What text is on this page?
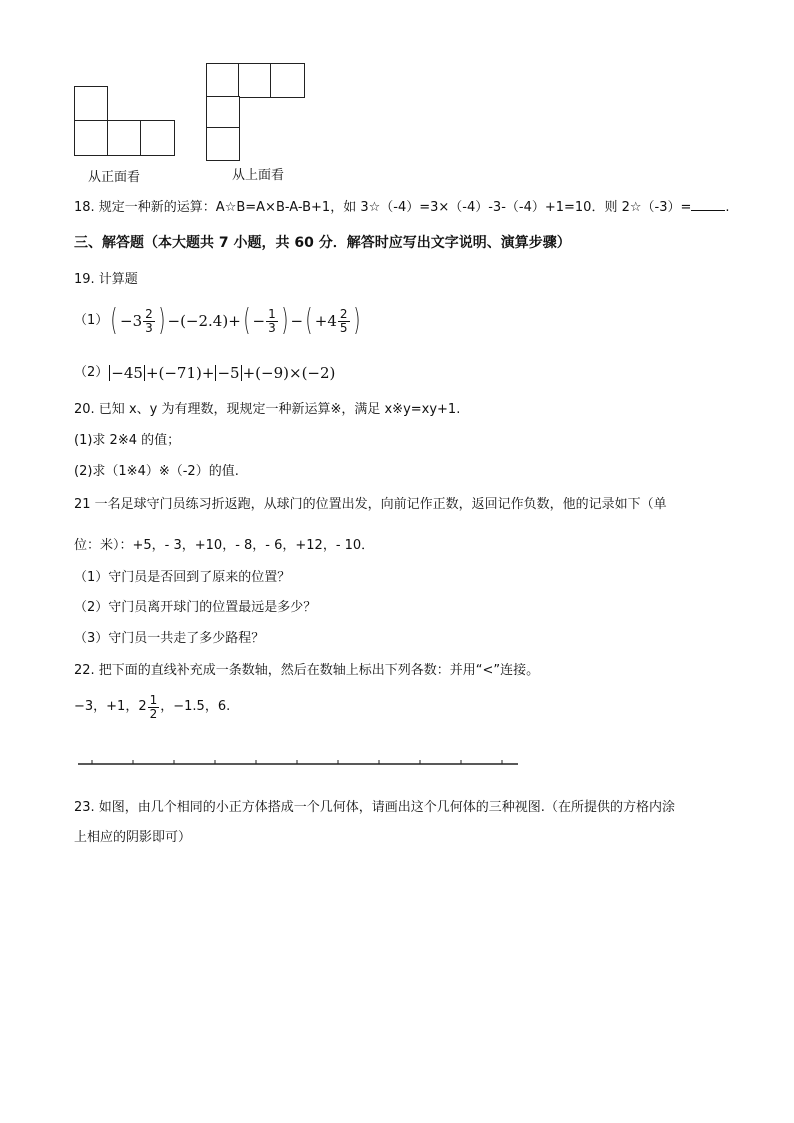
从正面看	从上面看
18. 规定一种新的运算：A☆B=A×B-A-B+1，如 3☆（-4）=3×（-4）-3-（-4）+1=10．则 2☆（-3）=	.
三、解答题（本大题共 7 小题，共 60 分．解答时应写出文字说明、演算步骤）
19. 计算题
（1） ( − $3 \frac{2}{3}$ ) − ( −2.4 ) + ( − $\frac{1}{3}$ ) − ( + $4 \frac{2}{5}$ )
（2） −45 + (−71) + −5 + (−9) × (−2)
20. 已知 x、y 为有理数，现规定一种新运算※，满足 x※y=xy+1.
(1)求 2※4 的值；
(2)求（1※4）※（-2）的值.
21 一名足球守门员练习折返跑，从球门的位置出发，向前记作正数，返回记作负数，他的记录如下（单
位：米）：+5，- 3，+10，- 8，- 6，+12，- 10．
（1）守门员是否回到了原来的位置？
（2）守门员离开球门的位置最远是多少？
（3）守门员一共走了多少路程？
22. 把下面的直线补充成一条数轴，然后在数轴上标出下列各数：并用“<”连接。
−3，+1，$2 \frac{1}{2}$ ，−1.5，6.
23. 如图，由几个相同的小正方体搭成一个几何体，请画出这个几何体的三种视图.（在所提供的方格内涂
上相应的阴影即可）
